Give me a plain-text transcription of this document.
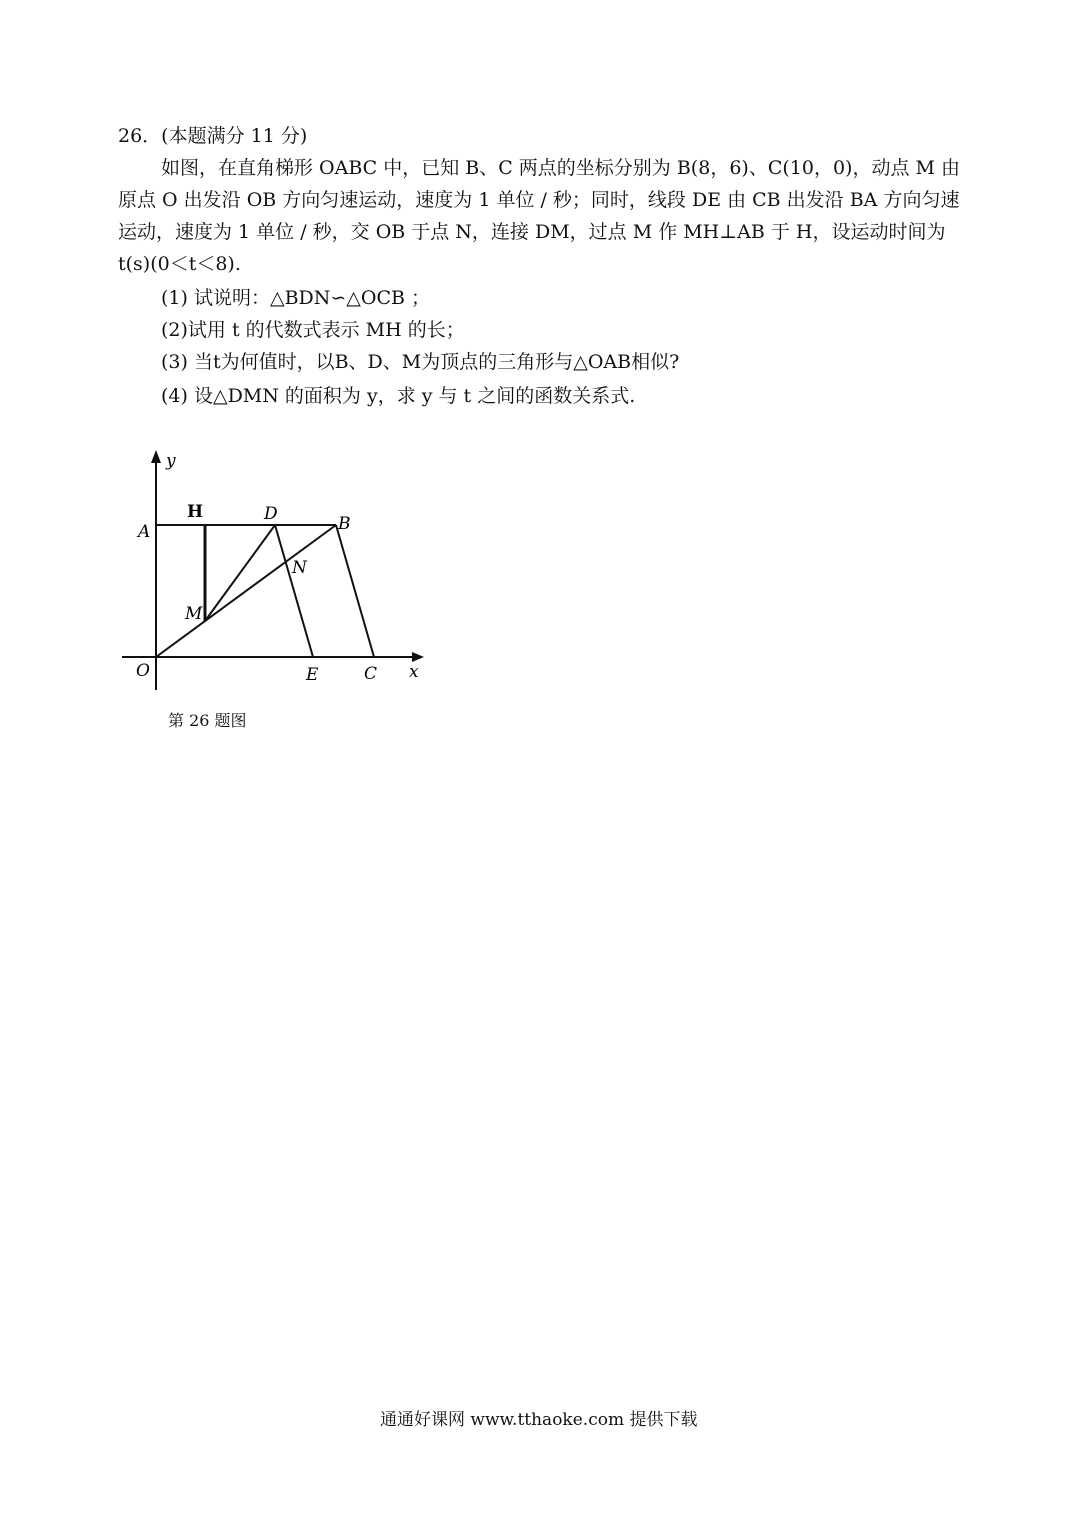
26．(本题满分 11 分)
如图，在直角梯形 OABC 中，已知 B、C 两点的坐标分别为 B(8，6)、C(10，0)，动点 M 由原点 O 出发沿 OB 方向匀速运动，速度为 1 单位 / 秒；同时，线段 DE 由 CB 出发沿 BA 方向匀速运动，速度为 1 单位 / 秒，交 OB 于点 N，连接 DM，过点 M 作 MH⊥AB 于 H，设运动时间为 t(s)(0＜t＜8).
(1) 试说明：△BDN∽△OCB ；
(2)试用 t 的代数式表示 MH 的长；
(3) 当t为何值时，以B、D、M为顶点的三角形与△OAB相似?
(4) 设△DMN 的面积为 y，求 y 与 t 之间的函数关系式.
y
x
O
A
H	D	B
N
M
E	C
第 26 题图
通通好课网 www.tthaoke.com 提供下载
